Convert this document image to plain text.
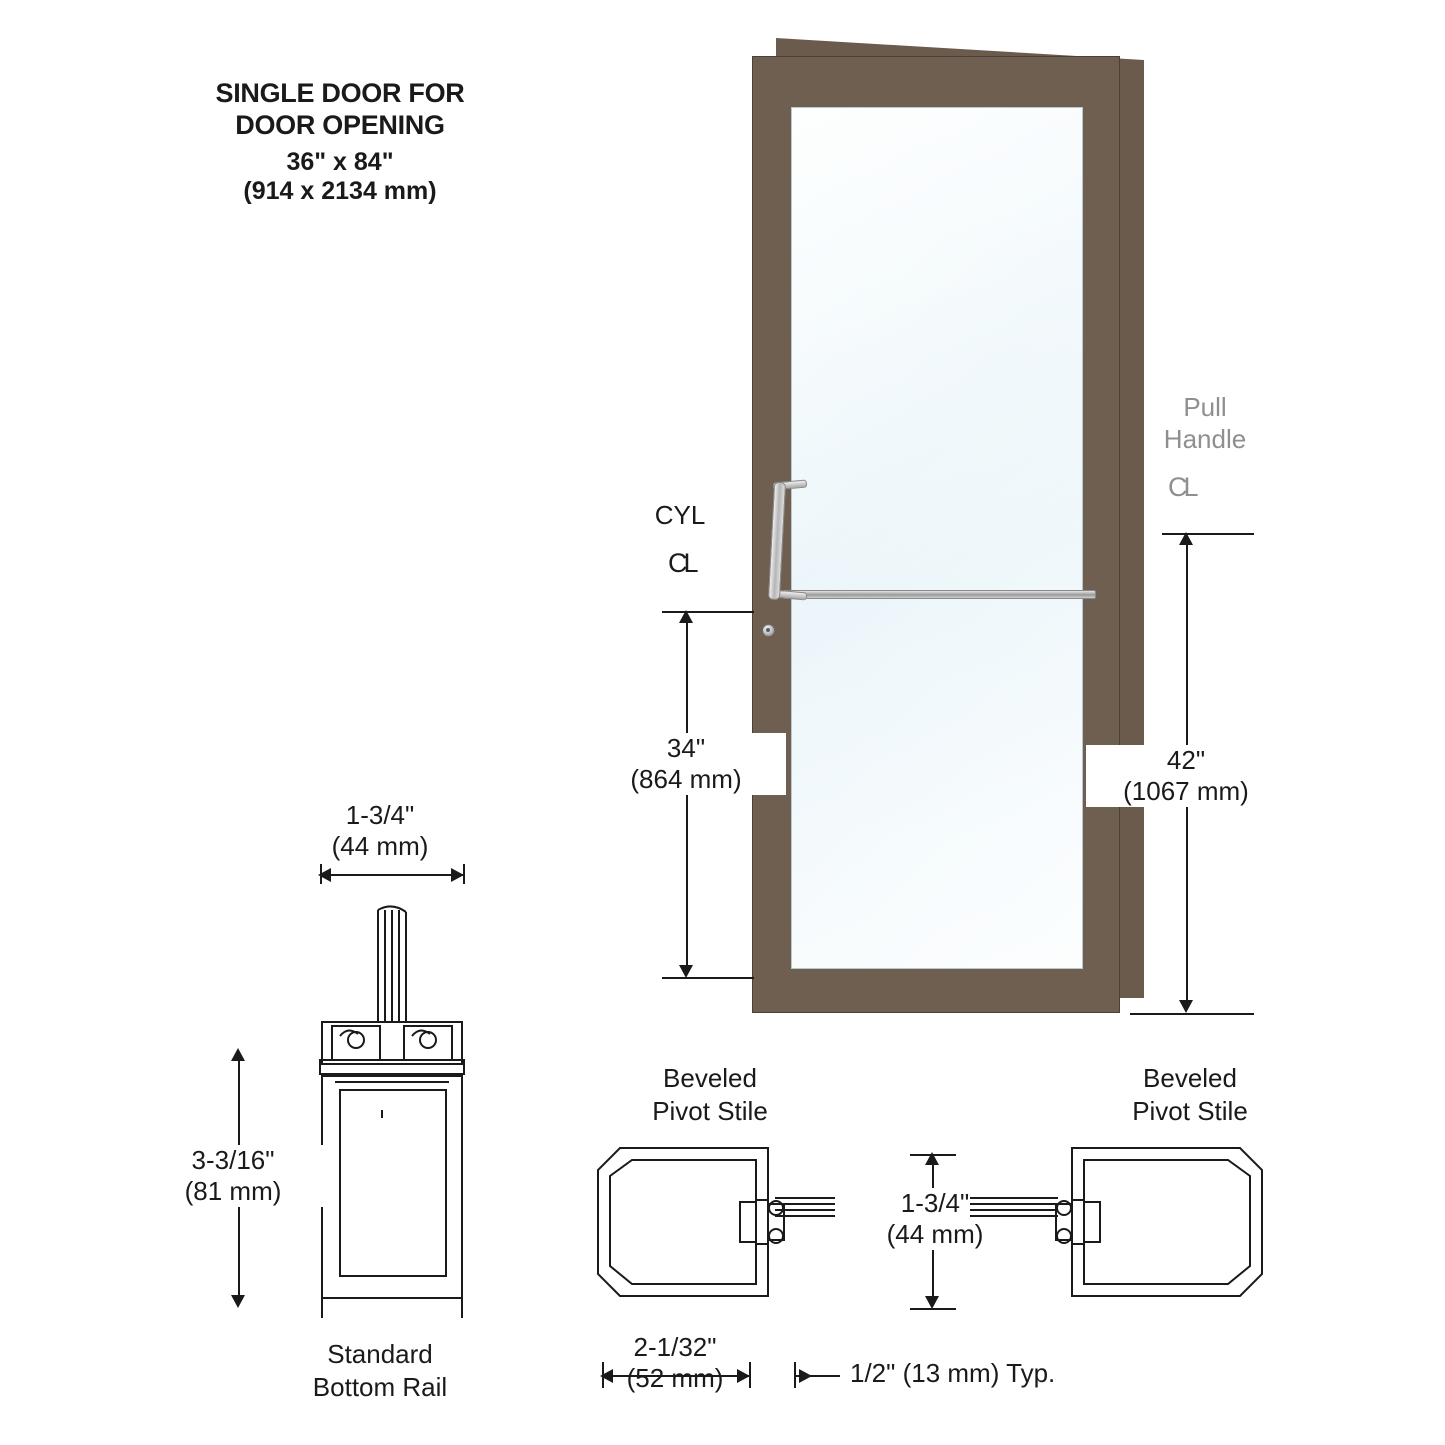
SINGLE DOOR FOR
DOOR OPENING
36" x 84"
(914 x 2134 mm)
CYL
CL
34"
(864 mm)
Pull
Handle
CL
42"
(1067 mm)
1-3/4"
(44 mm)
3-3/16"
(81 mm)
Standard
Bottom Rail
Beveled
Pivot Stile
Beveled
Pivot Stile
1-3/4"
(44 mm)
2-1/32"
(52 mm)	1/2" (13 mm) Typ.
